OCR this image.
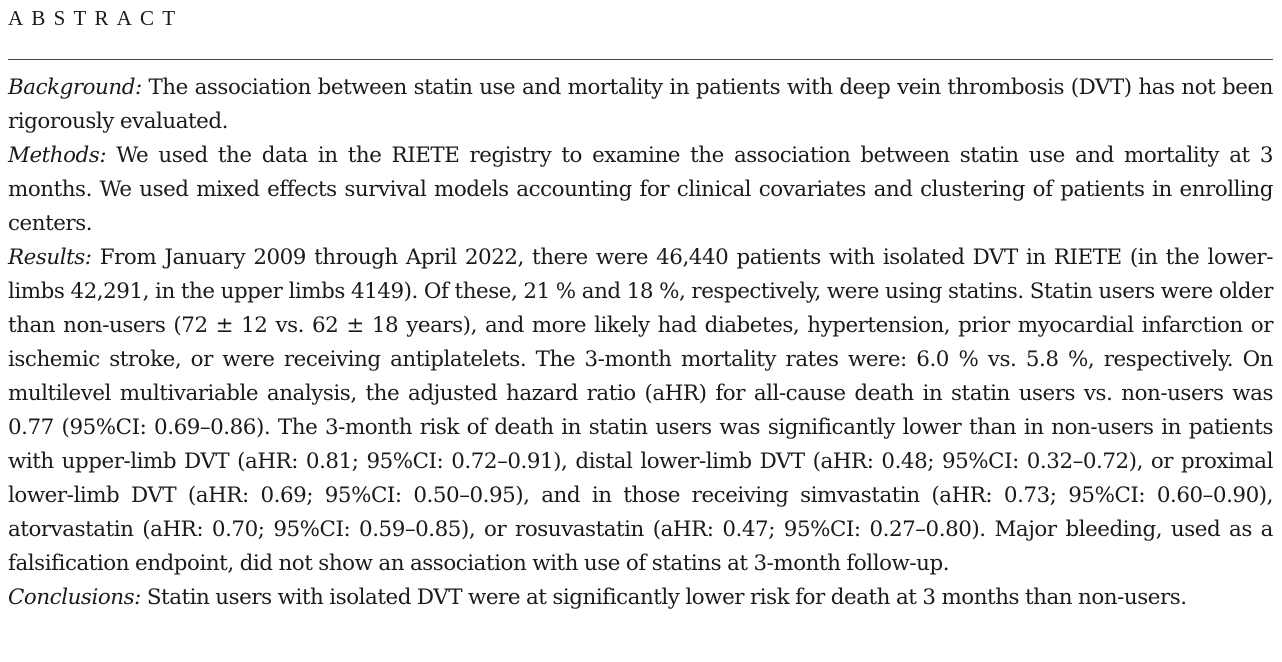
ABSTRACT

Background: The association between statin use and mortality in patients with deep vein thrombosis (DVT) has not been rigorously evaluated.

Methods: We used the data in the RIETE registry to examine the association between statin use and mortality at 3 months. We used mixed effects survival models accounting for clinical covariates and clustering of patients in enrolling centers.

Results: From January 2009 through April 2022, there were 46,440 patients with isolated DVT in RIETE (in the lower-limbs 42,291, in the upper limbs 4149). Of these, 21 % and 18 %, respectively, were using statins. Statin users were older than non-users (72 ± 12 vs. 62 ± 18 years), and more likely had diabetes, hypertension, prior myocardial infarction or ischemic stroke, or were receiving antiplatelets. The 3-month mortality rates were: 6.0 % vs. 5.8 %, respectively. On multilevel multivariable analysis, the adjusted hazard ratio (aHR) for all-cause death in statin users vs. non-users was 0.77 (95%CI: 0.69–0.86). The 3-month risk of death in statin users was significantly lower than in non-users in patients with upper-limb DVT (aHR: 0.81; 95%CI: 0.72–0.91), distal lower-limb DVT (aHR: 0.48; 95%CI: 0.32–0.72), or proximal lower-limb DVT (aHR: 0.69; 95%CI: 0.50–0.95), and in those receiving simvastatin (aHR: 0.73; 95%CI: 0.60–0.90), atorvastatin (aHR: 0.70; 95%CI: 0.59–0.85), or rosuvastatin (aHR: 0.47; 95%CI: 0.27–0.80). Major bleeding, used as a falsification endpoint, did not show an association with use of statins at 3-month follow-up.

Conclusions: Statin users with isolated DVT were at significantly lower risk for death at 3 months than non-users.
